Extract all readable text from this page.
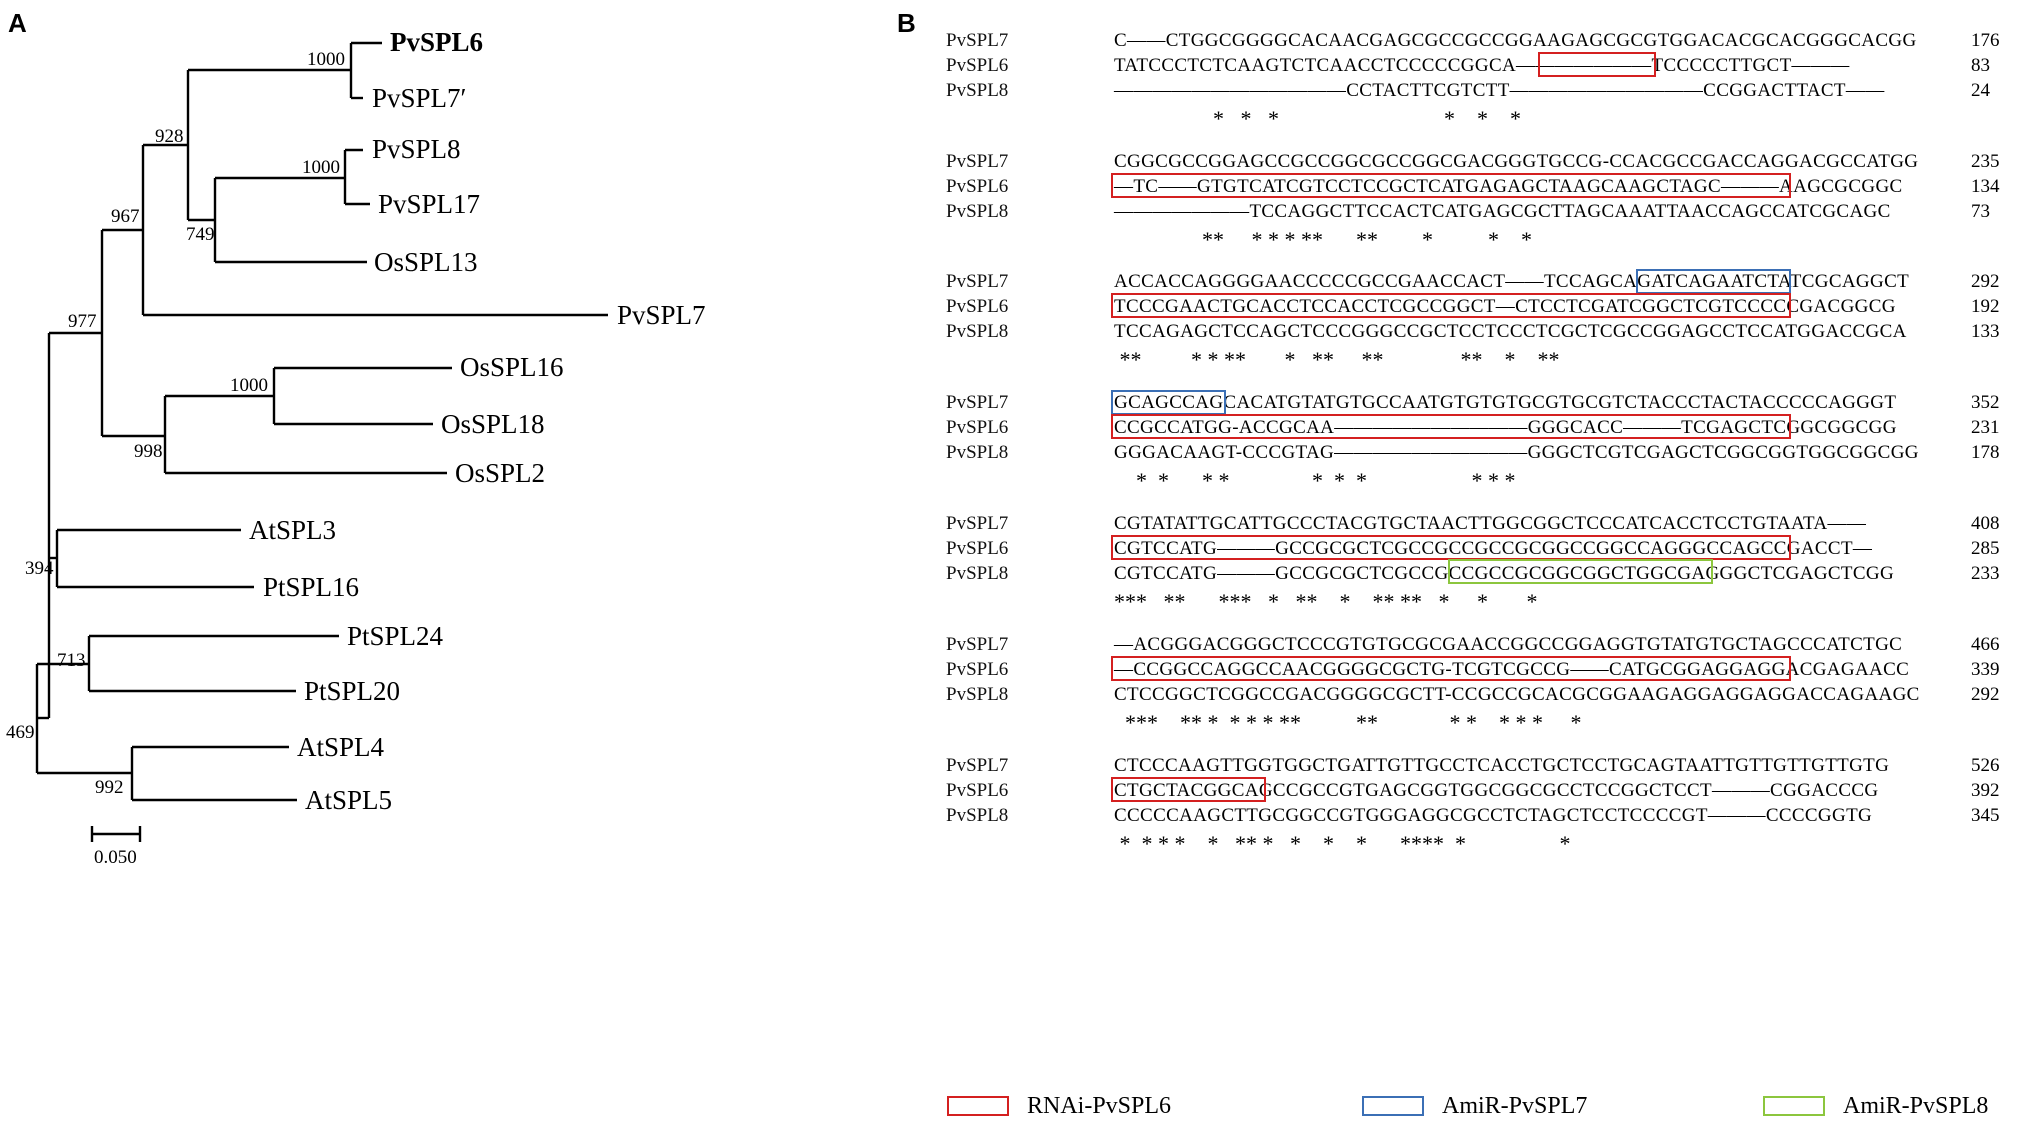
A	B
PvSPL6
PvSPL7′
PvSPL8
PvSPL17
OsSPL13
PvSPL7
OsSPL16
OsSPL18
OsSPL2
AtSPL3
PtSPL16
PtSPL24
PtSPL20
AtSPL4
AtSPL5
1000
928
1000
749
967
977
1000
998
394
713
469
992
0.050
PvSPL7	C——CTGGCGGGGCACAACGAGCGCCGCCGGAAGAGCGCGTGGACACGCACGGGCACGG	176
PvSPL6	TATCCCTCTCAAGTCTCAACCTCCCCCGGCA———————TCCCCCTTGCT———	83
PvSPL8	————————————CCTACTTCGTCTT——————————CCGGACTTACT——	24
*   *   *                              *    *    *
PvSPL7	CGGCGCCGGAGCCGCCGGCGCCGGCGACGGGTGCCG-CCACGCCGACCAGGACGCCATGG	235
PvSPL6	—TC——GTGTCATCGTCCTCCGCTCATGAGAGCTAAGCAAGCTAGC———AAGCGCGGC	134
PvSPL8	———————TCCAGGCTTCCACTCATGAGCGCTTAGCAAATTAACCAGCCATCGCAGC	73
**     * * * **      **        *          *    *
PvSPL7	ACCACCAGGGGAACCCCCGCCGAACCACT——TCCAGCAGATCAGAATCTATCGCAGGCT	292
PvSPL6	TCCCGAACTGCACCTCCACCTCGCCGGCT—CTCCTCGATCGGCTCGTCCCCCGACGGCG	192
PvSPL8	TCCAGAGCTCCAGCTCCCGGGCCGCTCCTCCCTCGCTCGCCGGAGCCTCCATGGACCGCA	133
**         * * **       *   **     **              **    *    **
PvSPL7	GCAGCCAGCACATGTATGTGCCAATGTGTGTGCGTGCGTCTACCCTACTACCCCCAGGGT	352
PvSPL6	CCGCCATGG-ACCGCAA——————————GGGCACC———TCGAGCTCGGCGGCGG	231
PvSPL8	GGGACAAGT-CCCGTAG——————————GGGCTCGTCGAGCTCGGCGGTGGCGGCGG	178
*  *      * *               *  *  *                   * * *
PvSPL7	CGTATATTGCATTGCCCTACGTGCTAACTTGGCGGCTCCCATCACCTCCTGTAATA——	408
PvSPL6	CGTCCATG———GCCGCGCTCGCCGCCGCCGCGGCCGGCCAGGGCCAGCCGACCT—	285
PvSPL8	CGTCCATG———GCCGCGCTCGCCGCCGCCGCGGCGGCTGGCGAGGGCTCGAGCTCGG	233
***   **      ***   *   **    *    ** **   *     *       *
PvSPL7	—ACGGGACGGGCTCCCGTGTGCGCGAACCGGCCGGAGGTGTATGTGCTAGCCCATCTGC	466
PvSPL6	—CCGGCCAGGCCAACGGGGCGCTG-TCGTCGCCG——CATGCGGAGGAGGACGAGAACC	339
PvSPL8	CTCCGGCTCGGCCGACGGGGCGCTT-CCGCCGCACGCGGAAGAGGAGGAGGACCAGAAGC	292
***    ** *  * * * **          **             * *    * * *     *
PvSPL7	CTCCCAAGTTGGTGGCTGATTGTTGCCTCACCTGCTCCTGCAGTAATTGTTGTTGTTGTG	526
PvSPL6	CTGCTACGGCAGCCGCCGTGAGCGGTGGCGGCGCCTCCGGCTCCT———CGGACCCG	392
PvSPL8	CCCCCAAGCTTGCGGCCGTGGGAGGCGCCTCTAGCTCCTCCCCGT———CCCCGGTG	345
*  * * *    *   ** *   *    *    *      ****  *                 *
RNAi-PvSPL6	AmiR-PvSPL7	AmiR-PvSPL8
